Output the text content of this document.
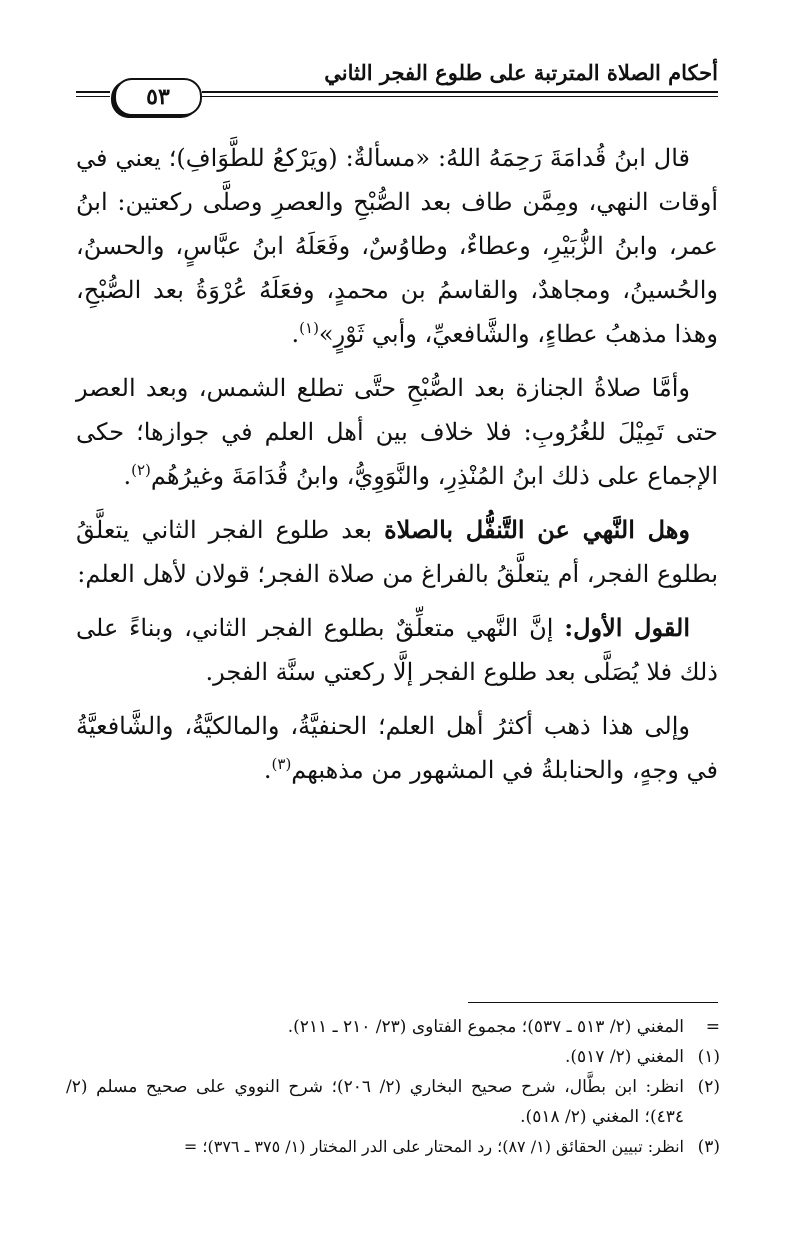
أحكام الصلاة المترتبة على طلوع الفجر الثاني
٥٣

قال ابنُ قُدامَةَ رَحِمَهُ اللهُ: «مسألةٌ: (ويَرْكعُ للطَّوَافِ)؛ يعني في أوقات النهي، ومِمَّن طاف بعد الصُّبْحِ والعصرِ وصلَّى ركعتين: ابنُ عمر، وابنُ الزُّبَيْرِ، وعطاءٌ، وطاوُسٌ، وفَعَلَهُ ابنُ عبَّاسٍ، والحسنُ، والحُسينُ، ومجاهدٌ، والقاسمُ بن محمدٍ، وفعَلَهُ عُرْوَةُ بعد الصُّبْحِ، وهذا مذهبُ عطاءٍ، والشَّافعيِّ، وأبي ثَوْرٍ»$^{(١)}$.

وأمَّا صلاةُ الجنازة بعد الصُّبْحِ حتَّى تطلع الشمس، وبعد العصر حتى تَمِيْلَ للغُرُوبِ: فلا خلاف بين أهل العلم في جوازها؛ حكى الإجماع على ذلك ابنُ المُنْذِرِ، والنَّوَوِيُّ، وابنُ قُدَامَةَ وغيرُهُم$^{(٢)}$.

وهل النَّهي عن التَّنفُّل بالصلاة بعد طلوع الفجر الثاني يتعلَّقُ بطلوع الفجر، أم يتعلَّقُ بالفراغ من صلاة الفجر؛ قولان لأهل العلم:

القول الأول: إنَّ النَّهي متعلِّقٌ بطلوع الفجر الثاني، وبناءً على ذلك فلا يُصَلَّى بعد طلوع الفجر إلَّا ركعتي سنَّة الفجر.

وإلى هذا ذهب أكثرُ أهل العلم؛ الحنفيَّةُ، والمالكيَّةُ، والشَّافعيَّةُ في وجهٍ، والحنابلةُ في المشهور من مذهبهم$^{(٣)}$.

=
المغني (٢/ ٥١٣ ـ ٥٣٧)؛ مجموع الفتاوى (٢٣/ ٢١٠ ـ ٢١١).
(١)
المغني (٢/ ٥١٧).
(٢)
انظر: ابن بطَّال، شرح صحيح البخاري (٢/ ٢٠٦)؛ شرح النووي على صحيح مسلم (٢/ ٤٣٤)؛ المغني (٢/ ٥١٨).
(٣)
انظر: تبيين الحقائق (١/ ٨٧)؛ رد المحتار على الدر المختار (١/ ٣٧٥ ـ ٣٧٦)؛ =
